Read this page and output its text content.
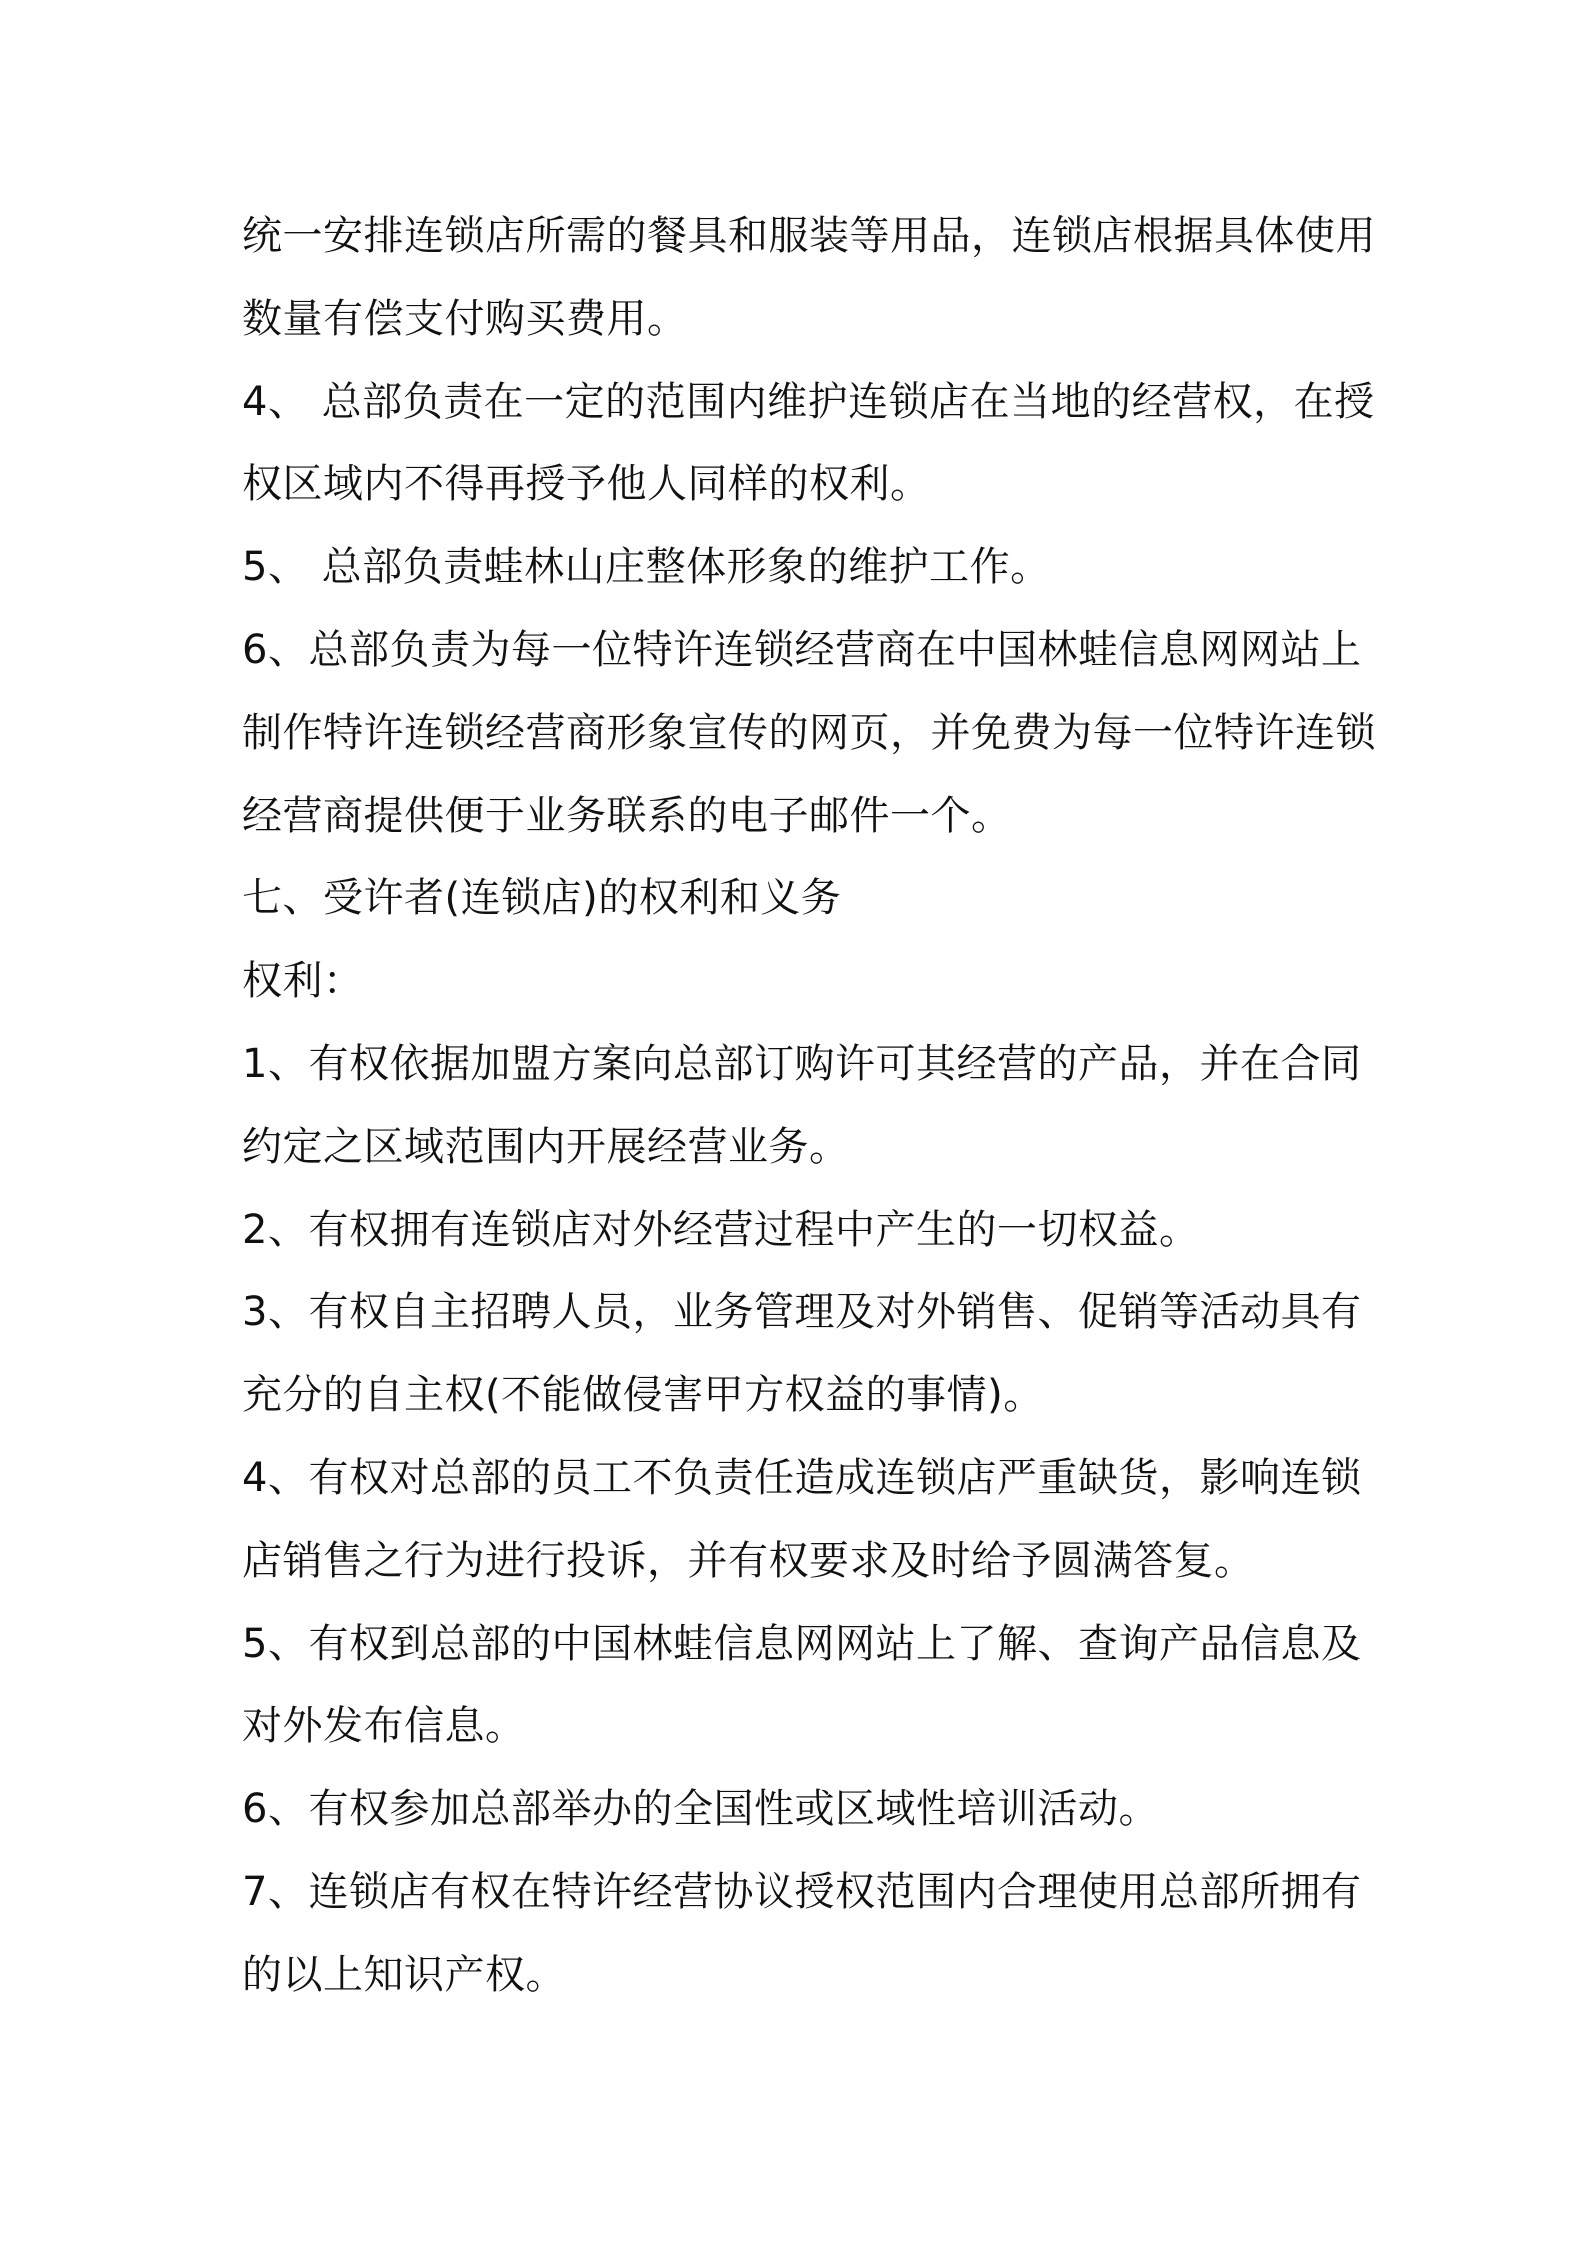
统一安排连锁店所需的餐具和服装等用品，连锁店根据具体使用
数量有偿支付购买费用。
4、 总部负责在一定的范围内维护连锁店在当地的经营权，在授
权区域内不得再授予他人同样的权利。
5、 总部负责蛙林山庄整体形象的维护工作。
6、总部负责为每一位特许连锁经营商在中国林蛙信息网网站上
制作特许连锁经营商形象宣传的网页，并免费为每一位特许连锁
经营商提供便于业务联系的电子邮件一个。
七、受许者(连锁店)的权利和义务
权利：
1、有权依据加盟方案向总部订购许可其经营的产品，并在合同
约定之区域范围内开展经营业务。
2、有权拥有连锁店对外经营过程中产生的一切权益。
3、有权自主招聘人员，业务管理及对外销售、促销等活动具有
充分的自主权(不能做侵害甲方权益的事情)。
4、有权对总部的员工不负责任造成连锁店严重缺货，影响连锁
店销售之行为进行投诉，并有权要求及时给予圆满答复。
5、有权到总部的中国林蛙信息网网站上了解、查询产品信息及
对外发布信息。
6、有权参加总部举办的全国性或区域性培训活动。
7、连锁店有权在特许经营协议授权范围内合理使用总部所拥有
的以上知识产权。
